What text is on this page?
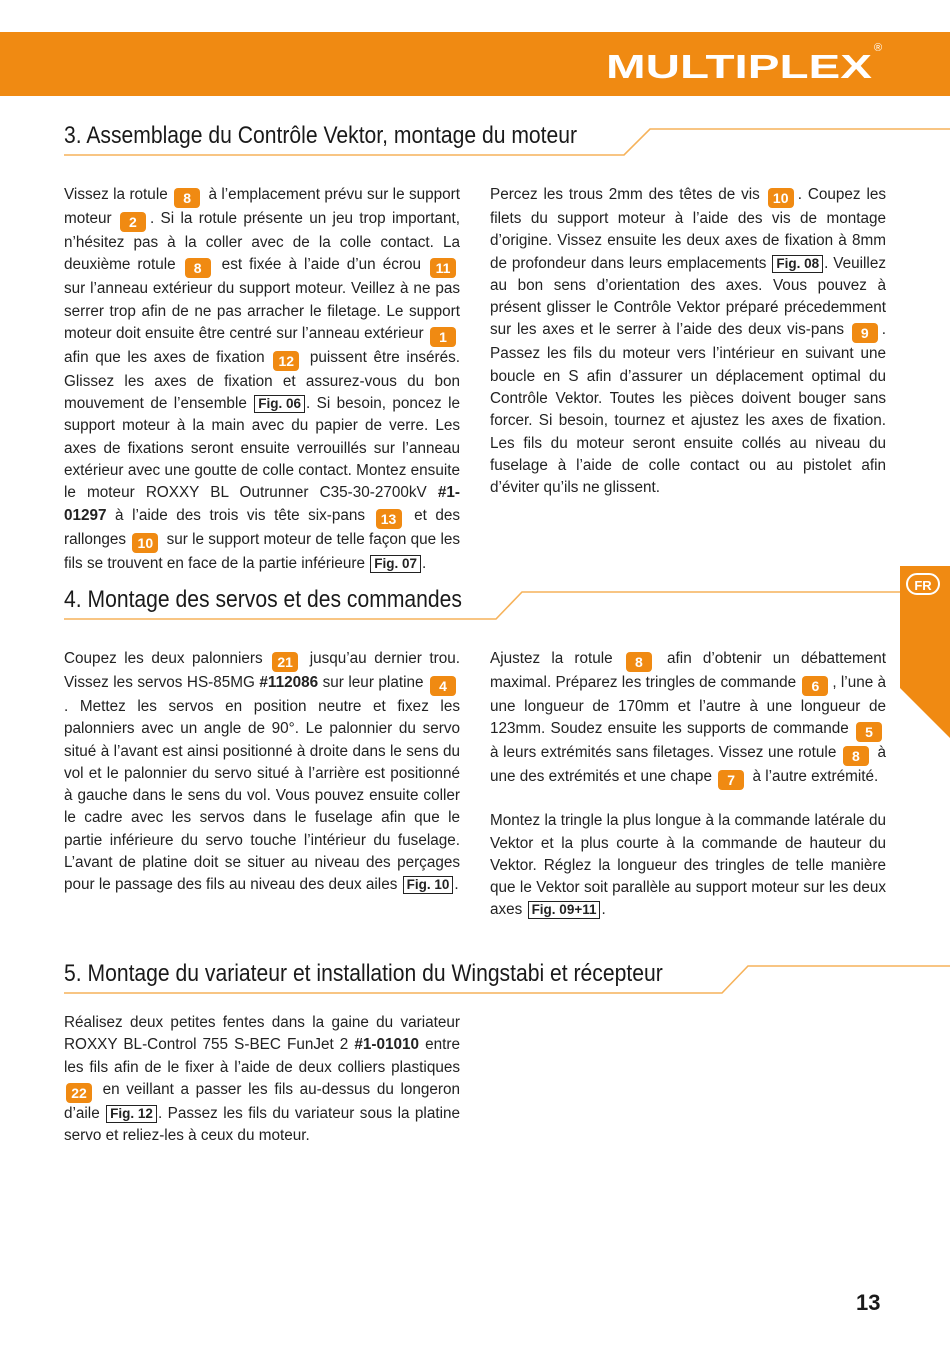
MULTIPLEX ®
FR
3. Assemblage du Contrôle Vektor, montage du moteur

Vissez la rotule 8 à l’emplacement prévu sur le support moteur 2 . Si la rotule présente un jeu trop important, n’hésitez pas à la coller avec de la colle contact. La deuxième rotule 8 est fixée à l’aide d’un écrou 11 sur l’anneau extérieur du support moteur. Veillez à ne pas serrer trop afin de ne pas arracher le filetage. Le support moteur doit ensuite être centré sur l’anneau extérieur 1 afin que les axes de fixation 12 puissent être insérés. Glissez les axes de fixation et assurez-vous du bon mouvement de l’ensemble Fig. 06 . Si besoin, poncez le support moteur à la main avec du papier de verre. Les axes de fixations seront ensuite verrouillés sur l’anneau extérieur avec une goutte de colle contact. Montez ensuite le moteur ROXXY BL Outrunner C35-30-2700kV #1-01297 à l’aide des trois vis tête six-pans 13 et des rallonges 10 sur le support moteur de telle façon que les fils se trouvent en face de la partie inférieure Fig. 07 .

Percez les trous 2mm des têtes de vis 10 . Coupez les filets du support moteur à l’aide des vis de montage d’origine. Vissez ensuite les deux axes de fixation à 8mm de profondeur dans leurs emplacements Fig. 08 . Veuillez au bon sens d’orientation des axes. Vous pouvez à présent glisser le Contrôle Vektor préparé précedemment sur les axes et le serrer à l’aide des deux vis-pans 9 . Passez les fils du moteur vers l’intérieur en suivant une boucle en S afin d’assurer un déplacement optimal du Contrôle Vektor. Toutes les pièces doivent bouger sans forcer. Si besoin, tournez et ajustez les axes de fixation. Les fils du moteur seront ensuite collés au niveau du fuselage à l’aide de colle contact ou au pistolet afin d’éviter qu’ils ne glissent.

4. Montage des servos et des commandes

Coupez les deux palonniers 21 jusqu’au dernier trou. Vissez les servos HS-85MG #112086 sur leur platine 4. Mettez les servos en position neutre et fixez les palonniers avec un angle de 90°. Le palonnier du servo situé à l’avant est ainsi positionné à droite dans le sens du vol et le palonnier du servo situé à l’arrière est positionné à gauche dans le sens du vol. Vous pouvez ensuite coller le cadre avec les servos dans le fuselage afin que le partie inférieure du servo touche l’intérieur du fuselage. L’avant de platine doit se situer au niveau des perçages pour le passage des fils au niveau des deux ailes Fig. 10 .

Ajustez la rotule 8 afin d’obtenir un débattement maximal. Préparez les tringles de commande 6 , l’une à une longueur de 170mm et l’autre à une longueur de 123mm. Soudez ensuite les supports de commande 5 à leurs extrémités sans filetages. Vissez une rotule 8 à une des extrémités et une chape 7 à l’autre extrémité.

Montez la tringle la plus longue à la commande latérale du Vektor et la plus courte à la commande de hauteur du Vektor. Réglez la longueur des tringles de telle manière que le Vektor soit parallèle au support moteur sur les deux axes Fig. 09+11 .

5. Montage du variateur et installation du Wingstabi et récepteur

Réalisez deux petites fentes dans la gaine du variateur ROXXY BL-Control 755 S-BEC FunJet 2 #1-01010 entre les fils afin de le fixer à l’aide de deux colliers plastiques 22 en veillant a passer les fils au-dessus du longeron d’aile Fig. 12 . Passez les fils du variateur sous la platine servo et reliez-les à ceux du moteur.

13
